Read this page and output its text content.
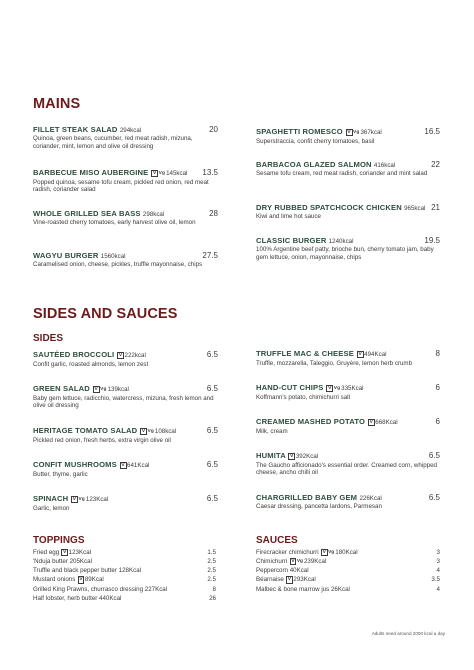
MAINS
FILLET STEAK SALAD 294kcal	20
Quinoa, green beans, cucumber, red meat radish, mizuna, coriander, mint, lemon and olive oil dressing
BARBECUE MISO AUBERGINE V Vg145kcal	13.5
Popped quinoa, sesame tofu cream, pickled red onion, red meat radish, coriander salad
WHOLE GRILLED SEA BASS 298kcal	28
Vine-roasted cherry tomatoes, early harvest olive oil, lemon
WAGYU BURGER 1560kcal	27.5
Caramelised onion, cheese, pickles, truffle mayonnaise, chips
SPAGHETTI ROMESCO V Vg367kcal	16.5
Superstraccia, confit cherry tomatoes, basil
BARBACOA GLAZED SALMON 416kcal	22
Sesame tofu cream, red meat radish, coriander and mint salad
DRY RUBBED SPATCHCOCK CHICKEN 965kcal 21
Kiwi and lime hot sauce
CLASSIC BURGER 1240kcal	19.5
100% Argentine beef patty, brioche bun, cherry tomato jam, baby gem lettuce, onion, mayonnaise, chips
SIDES AND SAUCES
SIDES
SAUTÉED BROCCOLI V 222kcal	6.5
Confit garlic, roasted almonds, lemon zest
GREEN SALAD V Vg139kcal	6.5
Baby gem lettuce, radicchio, watercress, mizuna, fresh lemon and olive oil dressing
HERITAGE TOMATO SALAD V Vg108kcal	6.5
Pickled red onion, fresh herbs, extra virgin olive oil
CONFIT MUSHROOMS V 641Kcal	6.5
Butter, thyme, garlic
SPINACH V Vg123Kcal	6.5
Garlic, lemon
TRUFFLE MAC & CHEESE V 494Kcal	8
Truffle, mozzarella, Taleggio, Gruyère, lemon herb crumb
HAND-CUT CHIPS V Vg335Kcal	6
Koffmann's potato, chimichurri salt
CREAMED MASHED POTATO V 668Kcal	6
Milk, cream
HUMITA V 392Kcal	6.5
The Gaucho afficionado's essential order. Creamed corn, whipped cheese, ancho chilli oil
CHARGRILLED BABY GEM 226Kcal	6.5
Caesar dressing, pancetta lardons, Parmesan
TOPPINGS	SAUCES
Fried egg V 123Kcal	1.5
'Nduja butter 205Kcal	2.5
Truffle and black pepper butter 128Kcal	2.5
Mustard onions V 89Kcal	2.5
Grilled King Prawns, churrasco dressing 227Kcal	8
Half lobster, herb butter 440Kcal	26
Firecracker chimichurri V Vg180Kcal	3
Chimichurri V Vg239Kcal	3
Peppercorn 40Kcal	4
Béarnaise V 293Kcal	3.5
Malbec & bone marrow jus 26Kcal	4
Adults need around 2000 kcal a day
